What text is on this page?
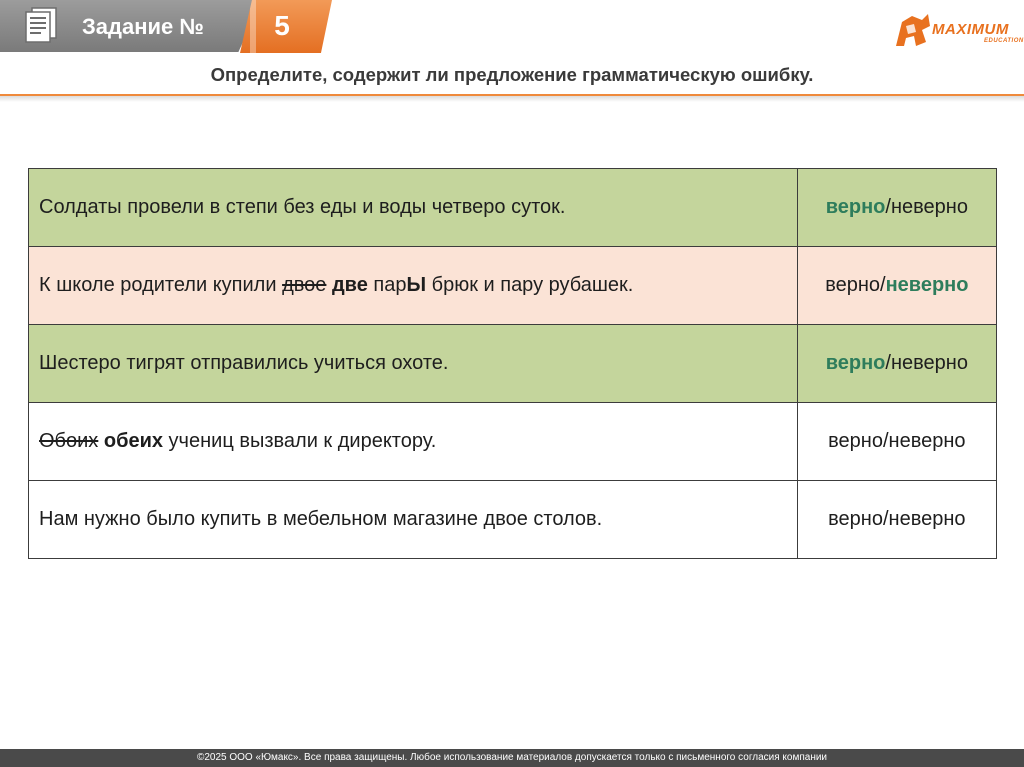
Задание №	5	MAXIMUM
EDUCATION
Определите, содержит ли предложение грамматическую ошибку.
Солдаты провели в степи без еды и воды четверо суток.	верно/неверно
К школе родители купили двое две парЫ брюк и пару рубашек.	верно/неверно
Шестеро тигрят отправились учиться охоте.	верно/неверно
Обоих обеих учениц вызвали к директору.	верно/неверно
Нам нужно было купить в мебельном магазине двое столов.	верно/неверно
©2025 ООО «Юмакс». Все права защищены. Любое использование материалов допускается только с письменного согласия компании
